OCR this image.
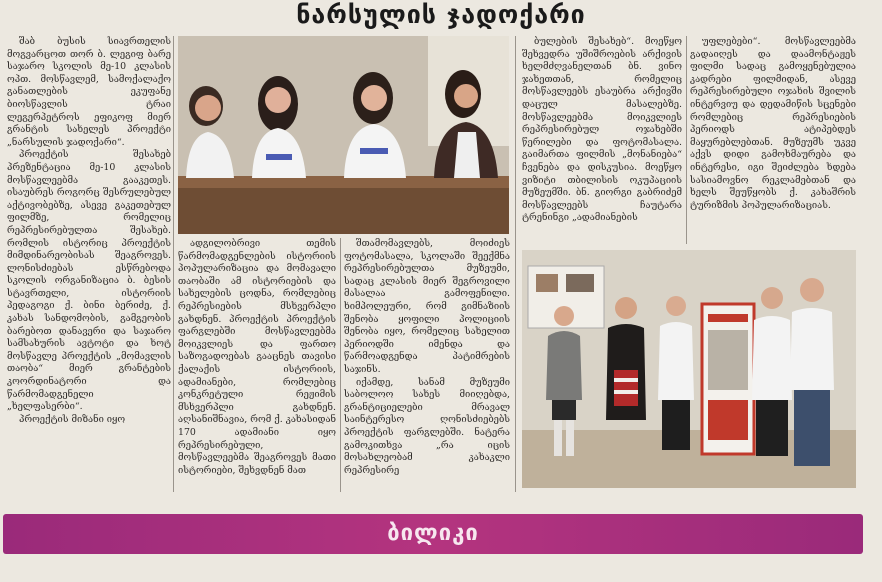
ნარსულის ჯადოქარი

შაბ ბუსის სიავრთელის მოგვარცოთ თორ ბ. ლეგიფ ბარე საჯარო სკოლის მე-10 კლასის ოპთ. მოსწავლემ, სამოქალაქო განათლების ეკუფანე ბიოსწავლის ტრაი ლეგერპეტროს ეფიკოფ მიერ გრანტის სახელეს პროექტი „ნარსულის ჯადოქარი“.

პროექტის შესახებ პრეზენტაცია მე-10 კლასის მოსწავლეებმა გააკეთეს. ისაუბრეს როგორც შესრულებულ აქტივობებზე, ასევე გაკეთებულ ფილმზე, რომელიც რეპრესირებულთა შესახებ. რომლის ისტორიც პროექტის მიმდინარეობისას შეაგროვეს. ლონისძიებას ესწრებოდა სკოლის ორგანიზაცია ბ. ბესის სტავრთელი, ისტორიის პედაგოგი ქ. ბინი ბერიძე, ქ. კახას სანდომობის, გამგეობის ბარებოთ დანავერი და საჯარო სამსახურის ავტოტი და ხოტ მოსწავლე პროექტის „მომავლის თაობა“ მიერ გრანტების კოორდინატორი და წარმომადგენელი „ხელფასერბი“.

პროექტის მიზანი იყო

ადგილობრივი თემის წარმომადგენლების ისტორიის პოპულარიზაცია და მომავალი თაობაში ამ ისტორიების და სახელების ცოდნა, რომლებიც რეპრესიების მსხვერპლი გახდნენ. პროექტის პროექტის ფარგლებში მოსწავლეებმა მოიკვლიეს და ფართო საზოგადოებას გააცნეს თავისი ქალაქის ისტორიის, ადამიანები, რომლებიც კონკრეტული რეჟიმის მსხვერპლი გახდნენ. აღსანიშნავია, რომ ქ. კახასიდან 170 ადამიანი იყო რეპრესირებული, მოსწავლეებმა შეაგროვეს მათი ისტორიები, შეხვდნენ მათ

შთამომავლებს, მოიძიეს ფოტომასალა, სკოლაში შეექმნა რეპრესირებულთა მუზეუმი, სადაც კლასის მიერ შეგროვილი მასალაა გამოფენილი. ხიმპოლეური, რომ გიმნაზიის შენობა ყოფილი პოლიციის შენობა იყო, რომელიც სახელით პერიოდში იმენდა და წარმოადგენდა პატიმრების საჯინს.

იქამდე, სანამ მუზეუმი საბოლოო სახეს მიიღებდა, გრანტიციელები მრავალ საინტერესო ღონისძიებებს პროექტის ფარგლებში. ნატერა გამოკითხვა „რა იცის მოსახლეობამ კახაკლი რეპრესირე

ბულების შესახებ“. მოეწყო შეხვედრა უშიშროების არქივის ხელმძღვანელთან ბნ. ვინო ჯახეთთან, რომელიც მოსწავლეებს ესაუბრა არქივში დაცულ მასალებზე. მოსწავლეებმა მოიკვლიეს რეპრესირებულ ოჯახებში წერილები და ფოტომასალა. გაიმართა ფილმის „მონანიება“ ჩვენება და დისკუსია. მოეწყო ვიზიტი თბილისის ოკუპაციის მუზეუმში. ბნ. გიორგი გაბრიძემ მოსწავლეებს ჩაუტარა ტრენინგი „ადამიანების

უფლებები“. მოსწავლეებმა გადაიღეს და დაამონტაჟეს ფილმი სადაც გამოყენებულია კადრები ფილმიდან, ასევე რეპრესირებული ოჯახის შვილის ინტერვიუ და დედამიწის სცენები რომლებიც რეპრესიების პერიოდს ატიპებდეს მაყურებლებთან. მუზეუმს უკვე აქვს დიდი გამოხმაურება და ინტერესი, იგი შეიძლება ხდება სასიამოვნო რეკლამებთან და ხელს შეუწყობს ქ. კახაშრის ტურიზმის პოპულარიზაციას.

ბილიკი
